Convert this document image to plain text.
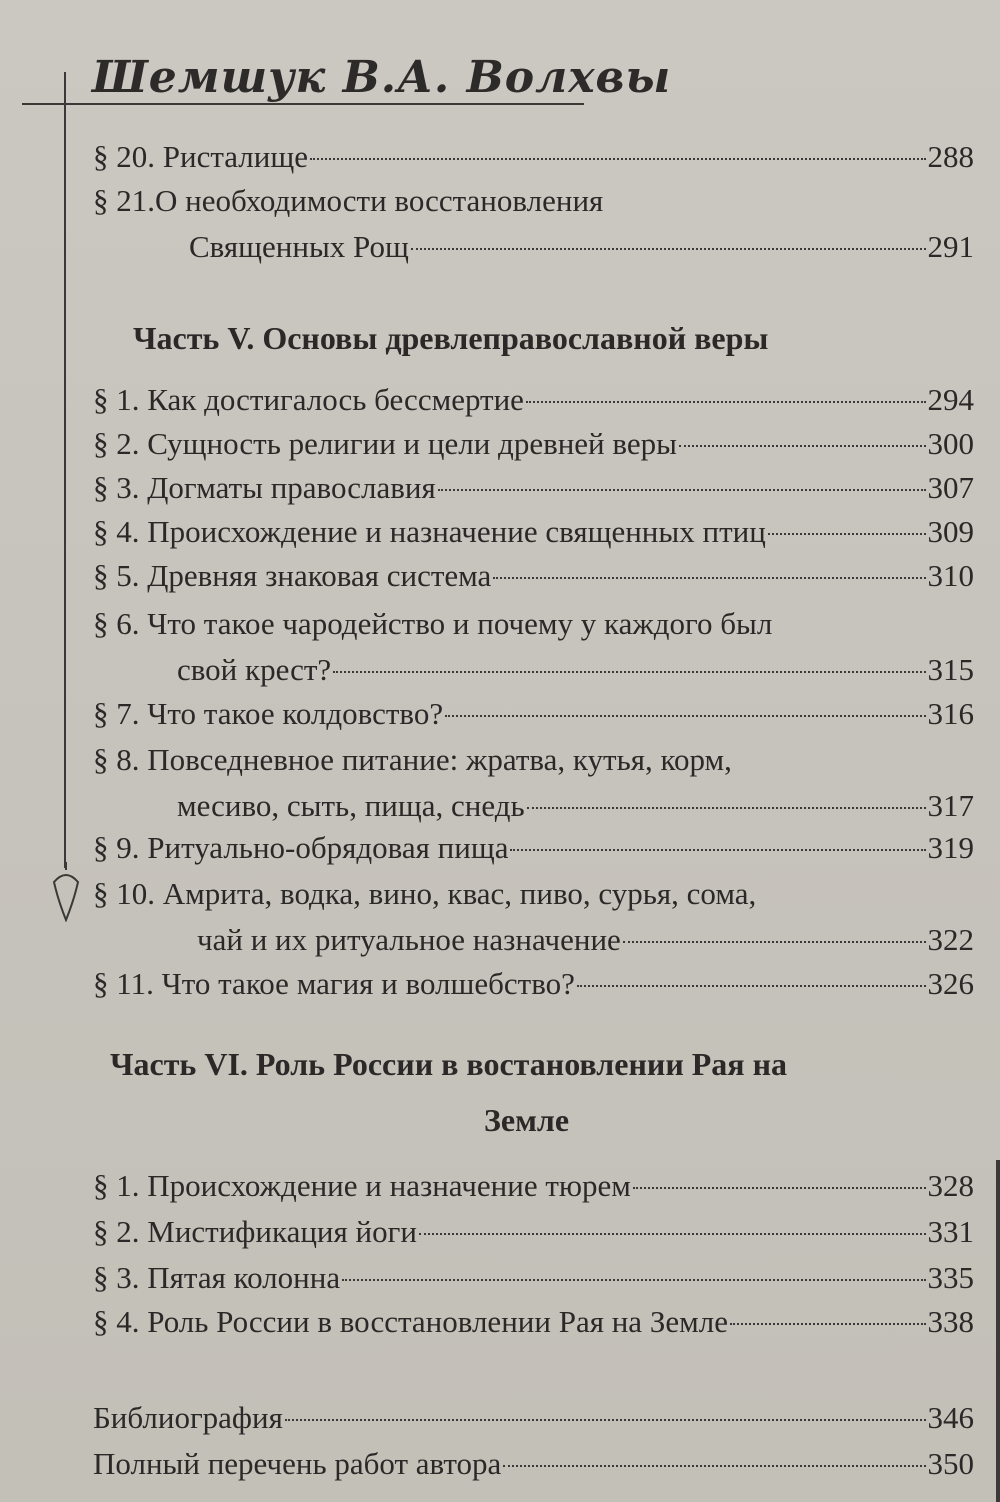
Шемшук В.А. Волхвы
§ 20. Ристалище	288
§ 21.О необходимости восстановления
Священных Рощ	291
Часть V. Основы древлеправославной веры
§ 1. Как достигалось бессмертие	294
§ 2. Сущность религии и цели древней веры	300
§ 3. Догматы православия	307
§ 4. Происхождение и назначение священных птиц	309
§ 5. Древняя знаковая система	310
§ 6. Что такое чародейство и почему у каждого был
свой крест?	315
§ 7. Что такое колдовство?	316
§ 8. Повседневное питание: жратва, кутья, корм,
месиво, сыть, пища, снедь	317
§ 9. Ритуально-обрядовая пища	319
§ 10. Амрита, водка, вино, квас, пиво, сурья, сома,
чай и их ритуальное назначение	322
§ 11. Что такое магия и волшебство?	326
Часть VI. Роль России в востановлении Рая на
Земле
§ 1. Происхождение и назначение тюрем	328
§ 2. Мистификация йоги	331
§ 3. Пятая колонна	335
§ 4. Роль России в восстановлении Рая на Земле	338
Библиография	346
Полный перечень работ автора	350
